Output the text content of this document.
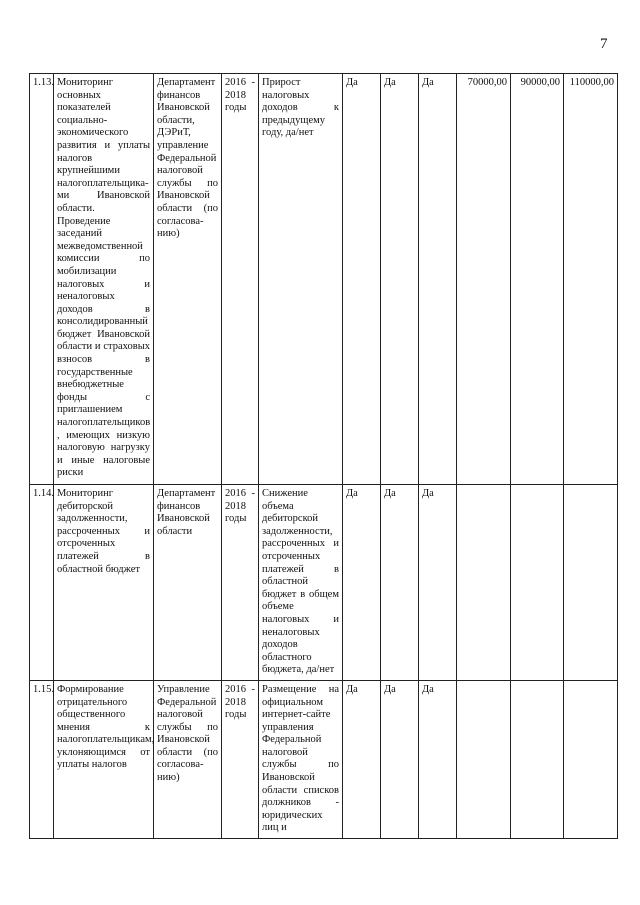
7
1.13.	Мониторинг основных показателей социально-экономического развития и уплаты налогов крупнейшими налогоплательщика-ми Ивановской области. Проведение заседаний межведомственной комиссии по мобилизации налоговых и неналоговых доходов в консолидированный бюджет Ивановской области и страховых взносов в государственные внебюджетные фонды с приглашением налогоплательщиков , имеющих низкую налоговую нагрузку и иные налоговые риски	Департамент финансов Ивановской области, ДЭРиТ, управление Федеральной налоговой службы по Ивановской области (по согласова-нию)	2016 - 2018 годы	Прирост налоговых доходов к предыдущему году, да/нет	Да	Да	Да	70000,00	90000,00	110000,00
1.14.	Мониторинг дебиторской задолженности, рассроченных и отсроченных платежей в областной бюджет	Департамент финансов Ивановской области	2016 - 2018 годы	Снижение объема дебиторской задолженности, рассроченных и отсроченных платежей в областной бюджет в общем объеме налоговых и неналоговых доходов областного бюджета, да/нет	Да	Да	Да			
1.15.	Формирование отрицательного общественного мнения к налогоплательщикам, уклоняющимся от уплаты налогов	Управление Федеральной налоговой службы по Ивановской области (по согласова-нию)	2016 - 2018 годы	Размещение на официальном интернет-сайте управления Федеральной налоговой службы по Ивановской области списков должников - юридических лиц и	Да	Да	Да			
